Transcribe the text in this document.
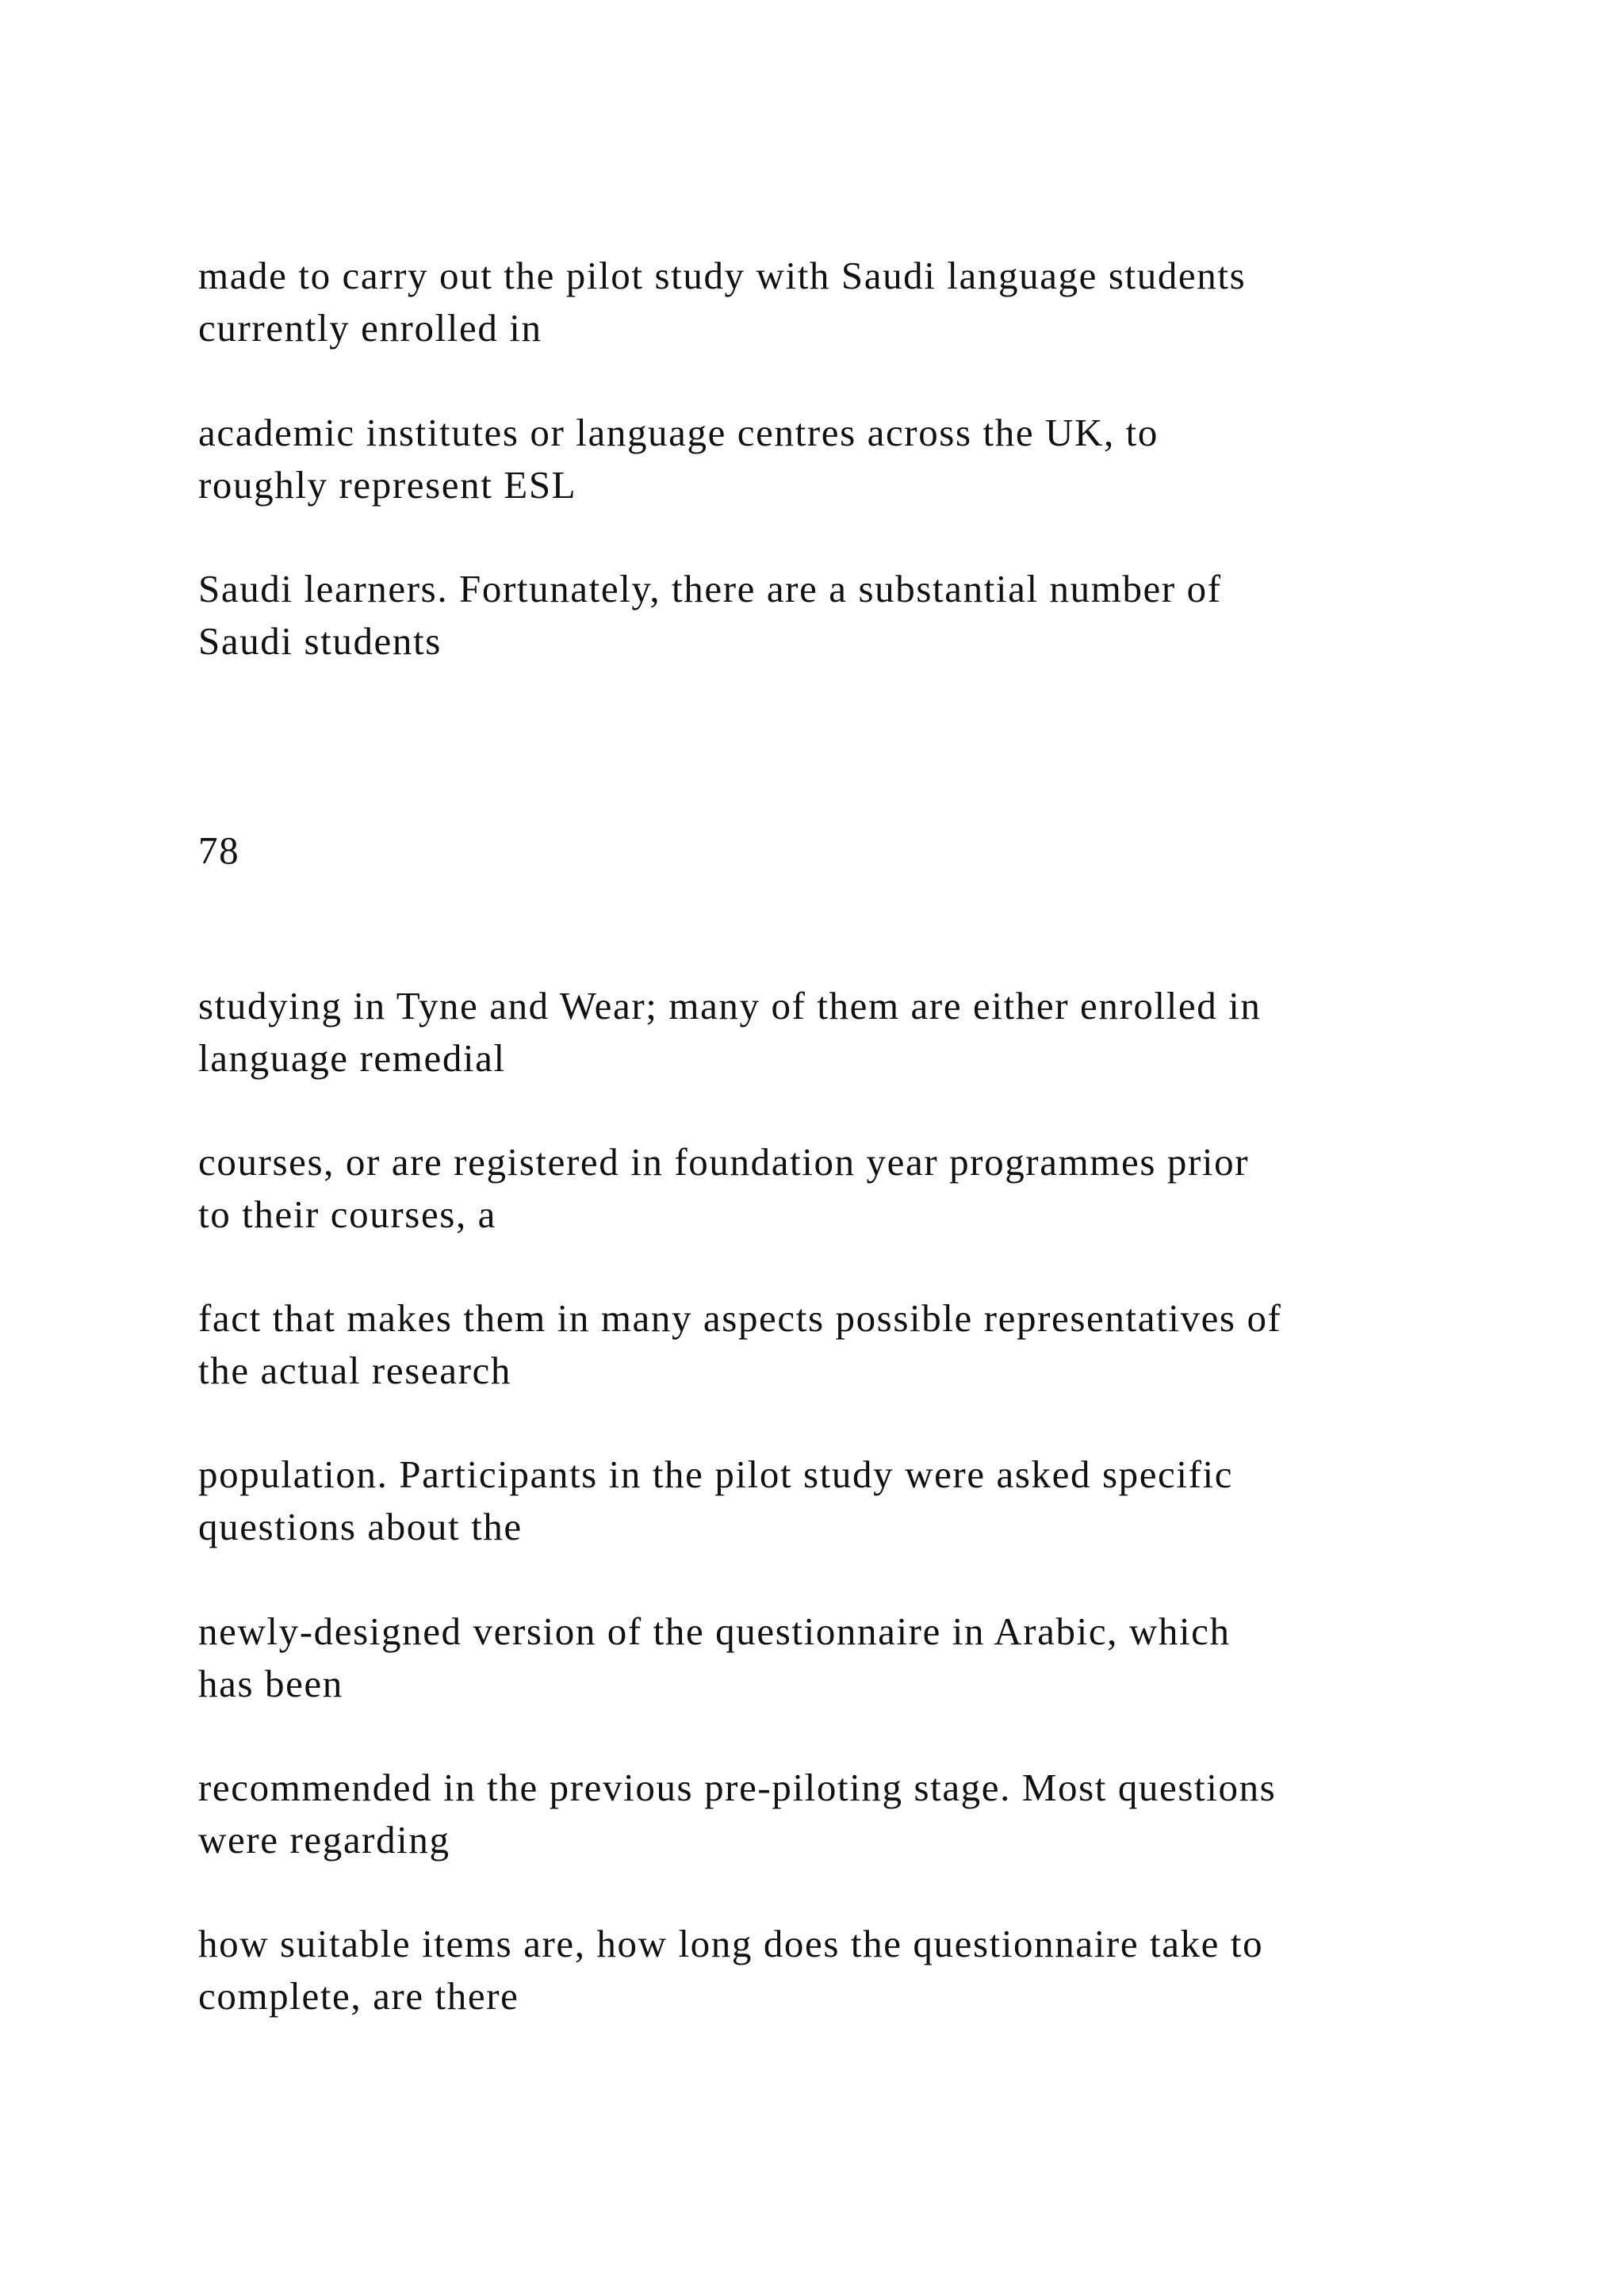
made to carry out the pilot study with Saudi language students
currently enrolled in
academic institutes or language centres across the UK, to
roughly represent ESL
Saudi learners. Fortunately, there are a substantial number of
Saudi students
78
studying in Tyne and Wear; many of them are either enrolled in
language remedial
courses, or are registered in foundation year programmes prior
to their courses, a
fact that makes them in many aspects possible representatives of
the actual research
population. Participants in the pilot study were asked specific
questions about the
newly-designed version of the questionnaire in Arabic, which
has been
recommended in the previous pre-piloting stage. Most questions
were regarding
how suitable items are, how long does the questionnaire take to
complete, are there
